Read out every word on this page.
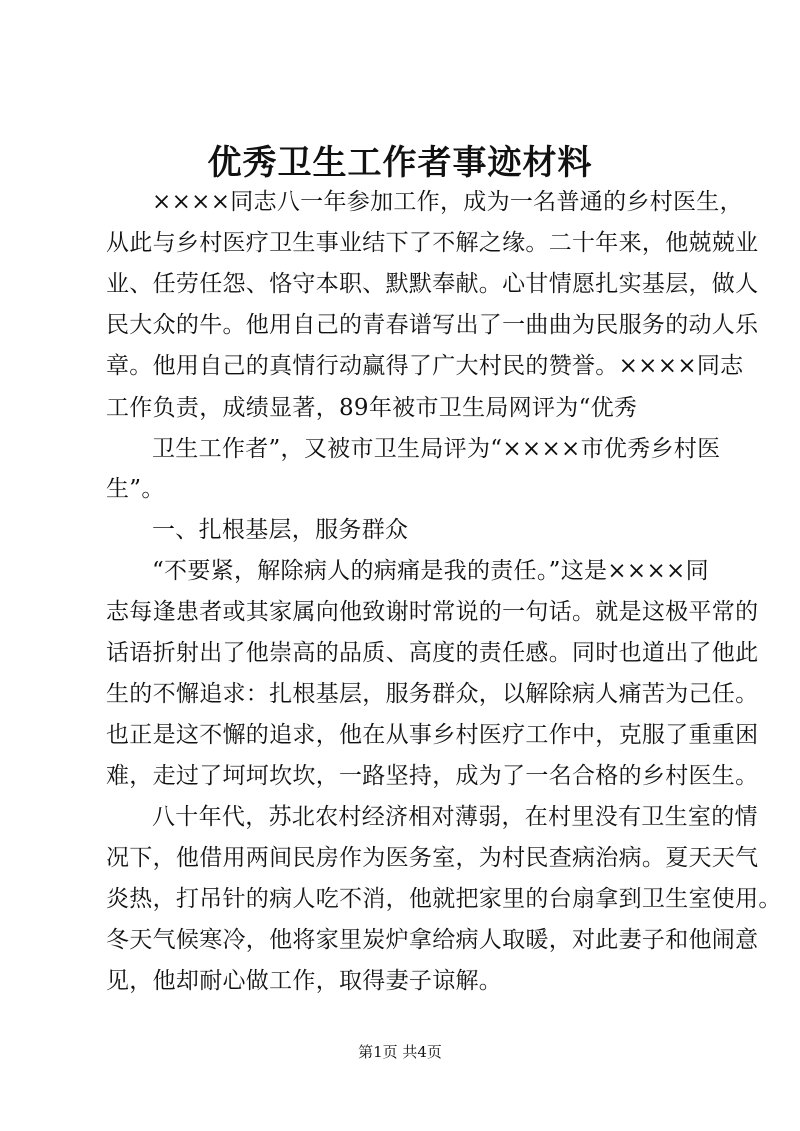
优秀卫生工作者事迹材料
××××同志八一年参加工作，成为一名普通的乡村医生，
从此与乡村医疗卫生事业结下了不解之缘。二十年来，他兢兢业
业、任劳任怨、恪守本职、默默奉献。心甘情愿扎实基层，做人
民大众的牛。他用自己的青春谱写出了一曲曲为民服务的动人乐
章。他用自己的真情行动赢得了广大村民的赞誉。××××同志
工作负责，成绩显著，89年被市卫生局网评为“优秀
卫生工作者”，又被市卫生局评为“××××市优秀乡村医
生”。
一、扎根基层，服务群众
“不要紧，解除病人的病痛是我的责任。”这是××××同
志每逢患者或其家属向他致谢时常说的一句话。就是这极平常的
话语折射出了他崇高的品质、高度的责任感。同时也道出了他此
生的不懈追求：扎根基层，服务群众，以解除病人痛苦为己任。
也正是这不懈的追求，他在从事乡村医疗工作中，克服了重重困
难，走过了坷坷坎坎，一路坚持，成为了一名合格的乡村医生。
八十年代，苏北农村经济相对薄弱，在村里没有卫生室的情
况下，他借用两间民房作为医务室，为村民查病治病。夏天天气
炎热，打吊针的病人吃不消，他就把家里的台扇拿到卫生室使用。
冬天气候寒冷，他将家里炭炉拿给病人取暖，对此妻子和他闹意
见，他却耐心做工作，取得妻子谅解。
第1页 共4页
